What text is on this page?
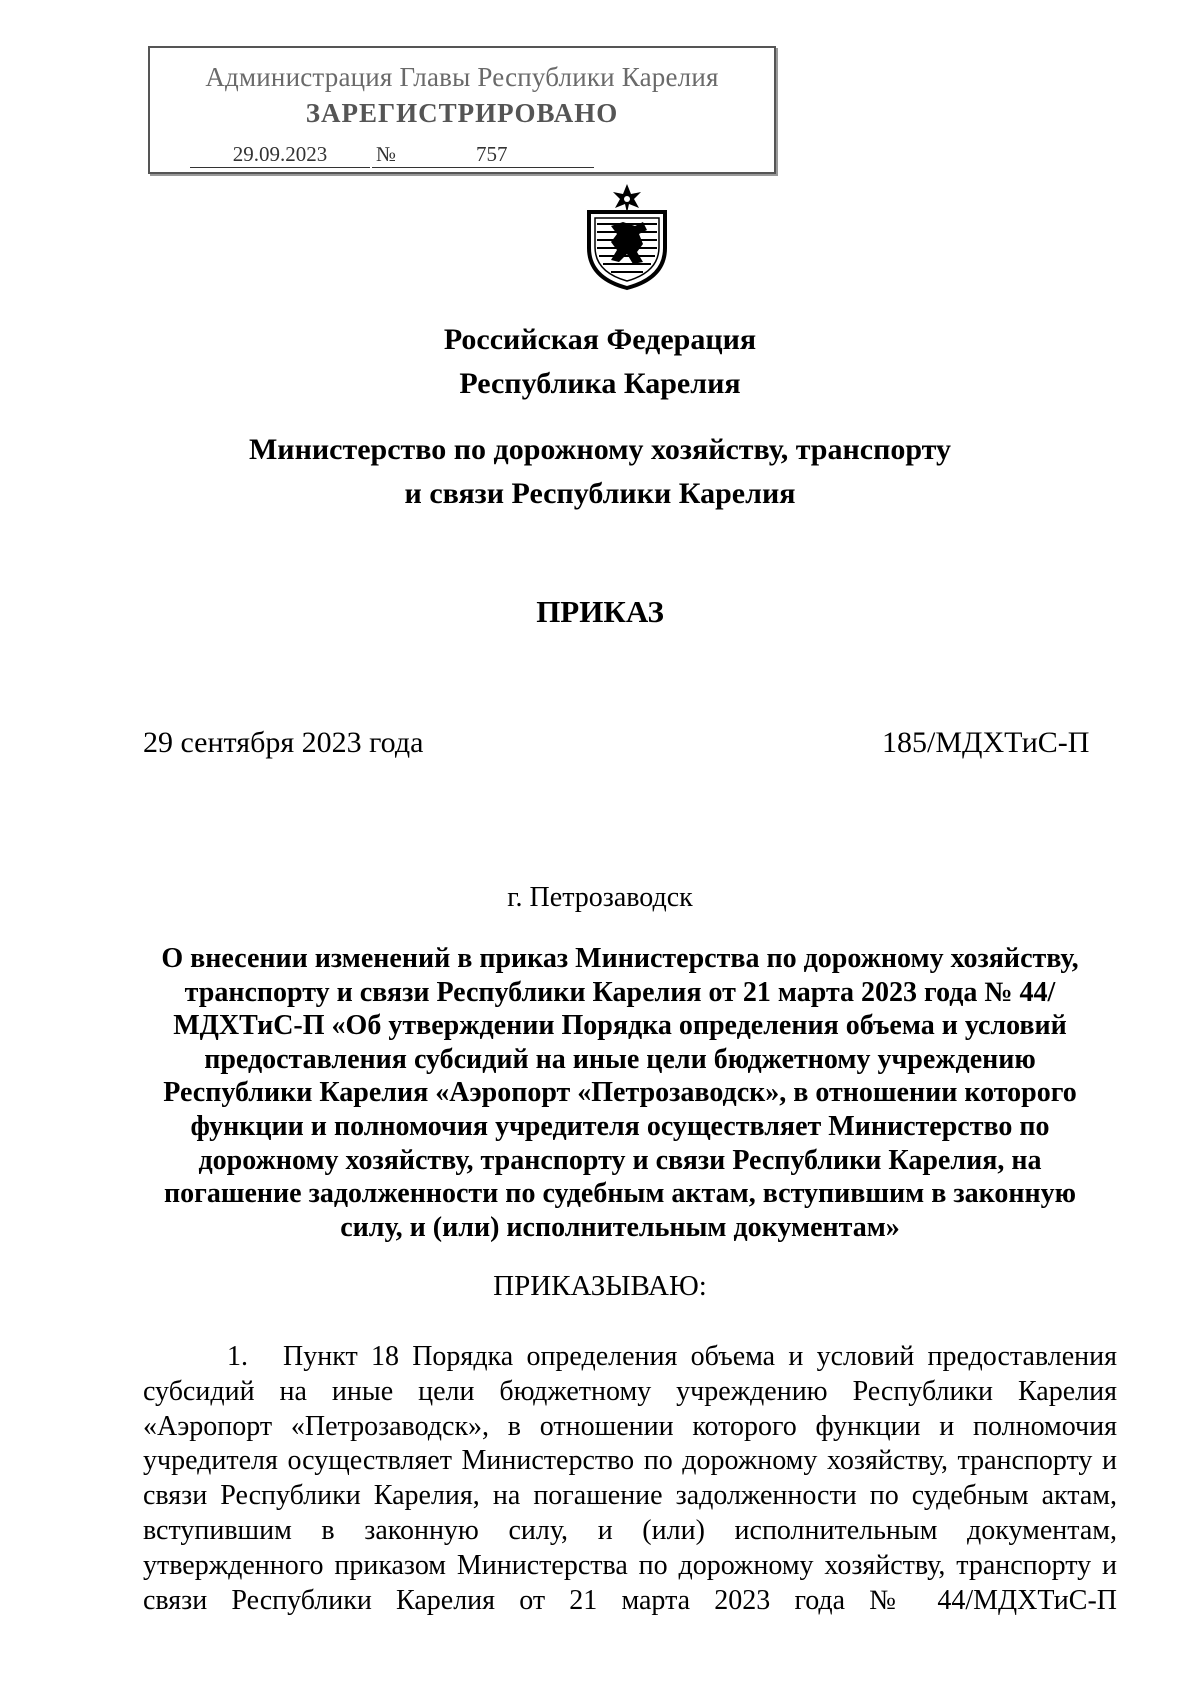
Администрация Главы Республики Карелия
ЗАРЕГИСТРИРОВАНО
29.09.2023	№	757
Российская Федерация
Республика Карелия
Министерство по дорожному хозяйству, транспорту
и связи Республики Карелия
ПРИКАЗ
29 сентября 2023 года	185/МДХТиС-П
г. Петрозаводск
О внесении изменений в приказ Министерства по дорожному хозяйству, транспорту и связи Республики Карелия от 21 марта 2023 года № 44/МДХТиС-П «Об утверждении Порядка определения объема и условий предоставления субсидий на иные цели бюджетному учреждению Республики Карелия «Аэропорт «Петрозаводск», в отношении которого функции и полномочия учредителя осуществляет Министерство по дорожному хозяйству, транспорту и связи Республики Карелия, на погашение задолженности по судебным актам, вступившим в законную силу, и (или) исполнительным документам»
ПРИКАЗЫВАЮ:
1. Пункт 18 Порядка определения объема и условий предоставления субсидий на иные цели бюджетному учреждению Республики Карелия «Аэропорт «Петрозаводск», в отношении которого функции и полномочия учредителя осуществляет Министерство по дорожному хозяйству, транспорту и связи Республики Карелия, на погашение задолженности по судебным актам, вступившим в законную силу, и (или) исполнительным документам, утвержденного приказом Министерства по дорожному хозяйству, транспорту и связи Республики Карелия от 21 марта 2023 года № 44/МДХТиС-П
